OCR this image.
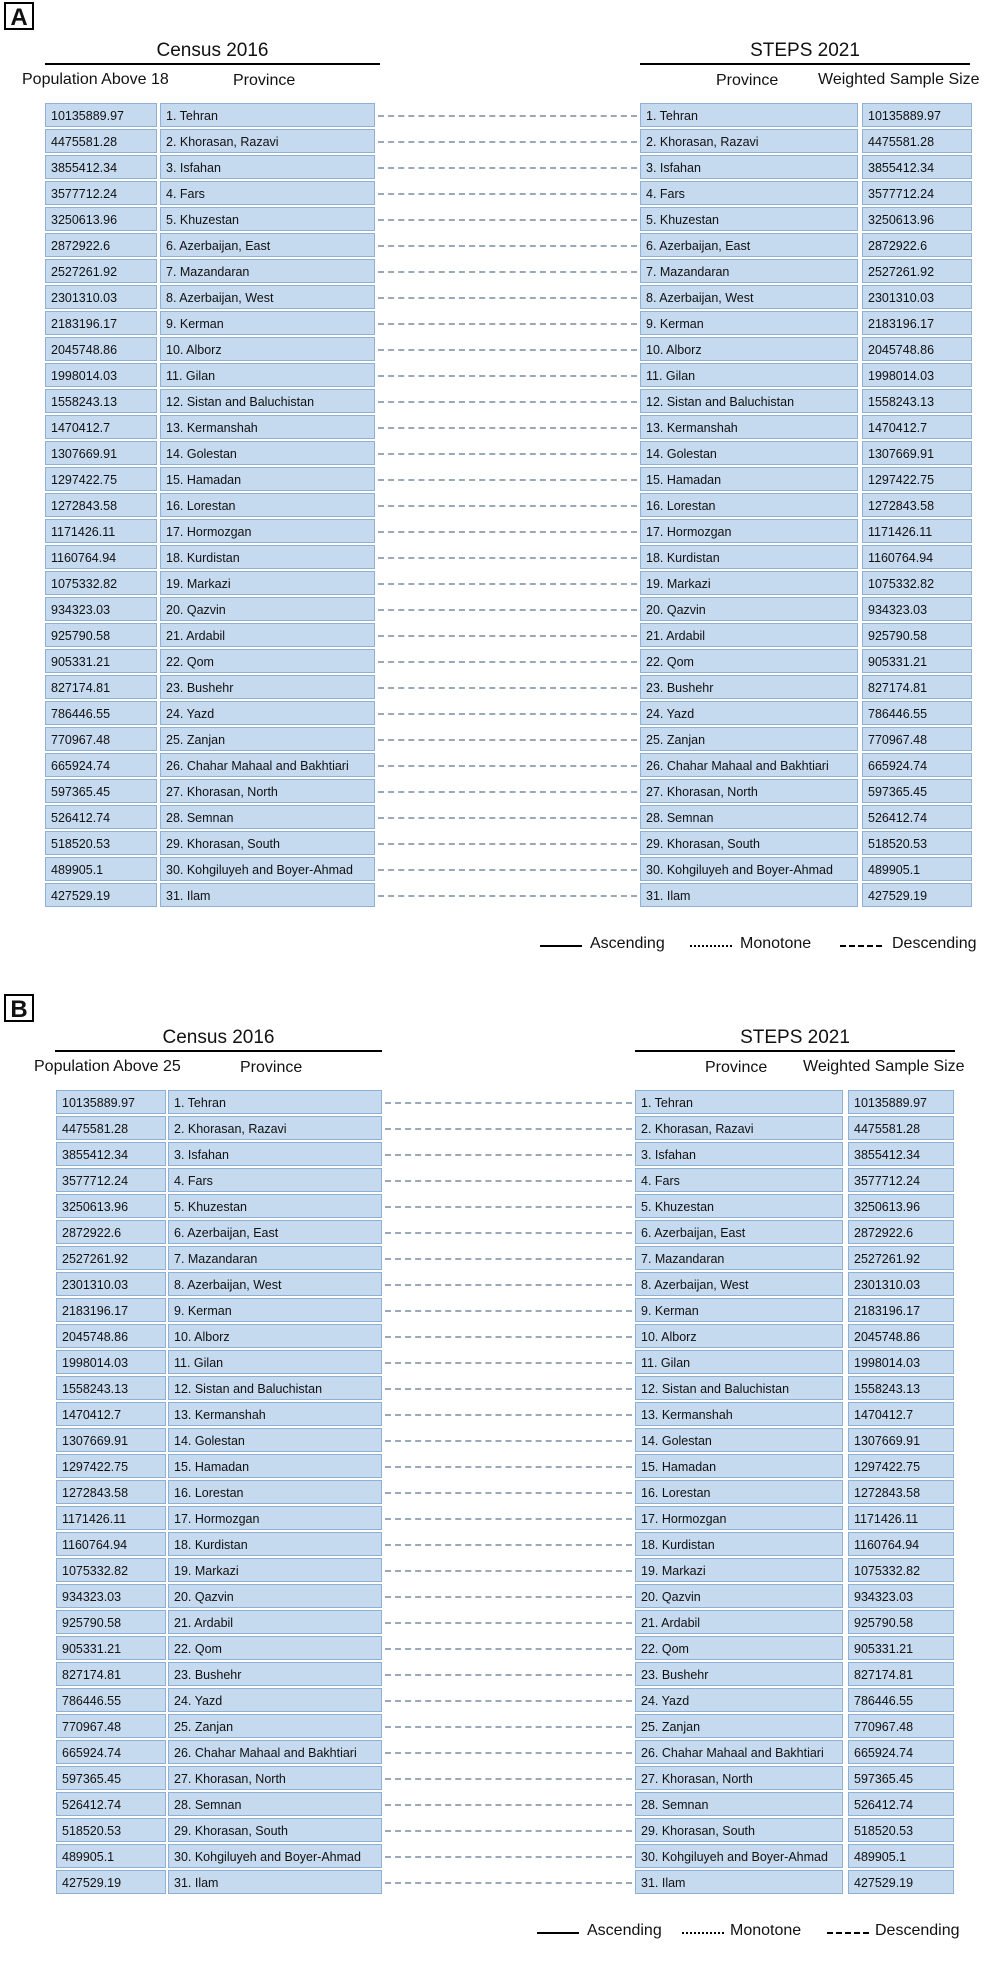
A
Census 2016	STEPS 2021
Population Above 18	Province	Province Weighted Sample Size
10135889.97	1. Tehran	1. Tehran	10135889.97
4475581.28	2. Khorasan, Razavi	2. Khorasan, Razavi	4475581.28
3855412.34	3. Isfahan	3. Isfahan	3855412.34
3577712.24	4. Fars	4. Fars	3577712.24
3250613.96	5. Khuzestan	5. Khuzestan	3250613.96
2872922.6	6. Azerbaijan, East	6. Azerbaijan, East	2872922.6
2527261.92	7. Mazandaran	7. Mazandaran	2527261.92
2301310.03	8. Azerbaijan, West	8. Azerbaijan, West	2301310.03
2183196.17	9. Kerman	9. Kerman	2183196.17
2045748.86	10. Alborz	10. Alborz	2045748.86
1998014.03	11. Gilan	11. Gilan	1998014.03
1558243.13	12. Sistan and Baluchistan	12. Sistan and Baluchistan	1558243.13
1470412.7	13. Kermanshah	13. Kermanshah	1470412.7
1307669.91	14. Golestan	14. Golestan	1307669.91
1297422.75	15. Hamadan	15. Hamadan	1297422.75
1272843.58	16. Lorestan	16. Lorestan	1272843.58
1171426.11	17. Hormozgan	17. Hormozgan	1171426.11
1160764.94	18. Kurdistan	18. Kurdistan	1160764.94
1075332.82	19. Markazi	19. Markazi	1075332.82
934323.03	20. Qazvin	20. Qazvin	934323.03
925790.58	21. Ardabil	21. Ardabil	925790.58
905331.21	22. Qom	22. Qom	905331.21
827174.81	23. Bushehr	23. Bushehr	827174.81
786446.55	24. Yazd	24. Yazd	786446.55
770967.48	25. Zanjan	25. Zanjan	770967.48
665924.74	26. Chahar Mahaal and Bakhtiari	26. Chahar Mahaal and Bakhtiari	665924.74
597365.45	27. Khorasan, North	27. Khorasan, North	597365.45
526412.74	28. Semnan	28. Semnan	526412.74
518520.53	29. Khorasan, South	29. Khorasan, South	518520.53
489905.1	30. Kohgiluyeh and Boyer-Ahmad	30. Kohgiluyeh and Boyer-Ahmad	489905.1
427529.19	31. Ilam	31. Ilam	427529.19
Ascending	Monotone	Descending
B
Census 2016	STEPS 2021
Population Above 25	Province	Province Weighted Sample Size
10135889.97	1. Tehran	1. Tehran	10135889.97
4475581.28	2. Khorasan, Razavi	2. Khorasan, Razavi	4475581.28
3855412.34	3. Isfahan	3. Isfahan	3855412.34
3577712.24	4. Fars	4. Fars	3577712.24
3250613.96	5. Khuzestan	5. Khuzestan	3250613.96
2872922.6	6. Azerbaijan, East	6. Azerbaijan, East	2872922.6
2527261.92	7. Mazandaran	7. Mazandaran	2527261.92
2301310.03	8. Azerbaijan, West	8. Azerbaijan, West	2301310.03
2183196.17	9. Kerman	9. Kerman	2183196.17
2045748.86	10. Alborz	10. Alborz	2045748.86
1998014.03	11. Gilan	11. Gilan	1998014.03
1558243.13	12. Sistan and Baluchistan	12. Sistan and Baluchistan	1558243.13
1470412.7	13. Kermanshah	13. Kermanshah	1470412.7
1307669.91	14. Golestan	14. Golestan	1307669.91
1297422.75	15. Hamadan	15. Hamadan	1297422.75
1272843.58	16. Lorestan	16. Lorestan	1272843.58
1171426.11	17. Hormozgan	17. Hormozgan	1171426.11
1160764.94	18. Kurdistan	18. Kurdistan	1160764.94
1075332.82	19. Markazi	19. Markazi	1075332.82
934323.03	20. Qazvin	20. Qazvin	934323.03
925790.58	21. Ardabil	21. Ardabil	925790.58
905331.21	22. Qom	22. Qom	905331.21
827174.81	23. Bushehr	23. Bushehr	827174.81
786446.55	24. Yazd	24. Yazd	786446.55
770967.48	25. Zanjan	25. Zanjan	770967.48
665924.74	26. Chahar Mahaal and Bakhtiari	26. Chahar Mahaal and Bakhtiari	665924.74
597365.45	27. Khorasan, North	27. Khorasan, North	597365.45
526412.74	28. Semnan	28. Semnan	526412.74
518520.53	29. Khorasan, South	29. Khorasan, South	518520.53
489905.1	30. Kohgiluyeh and Boyer-Ahmad	30. Kohgiluyeh and Boyer-Ahmad	489905.1
427529.19	31. Ilam	31. Ilam	427529.19
Ascending	Monotone	Descending
